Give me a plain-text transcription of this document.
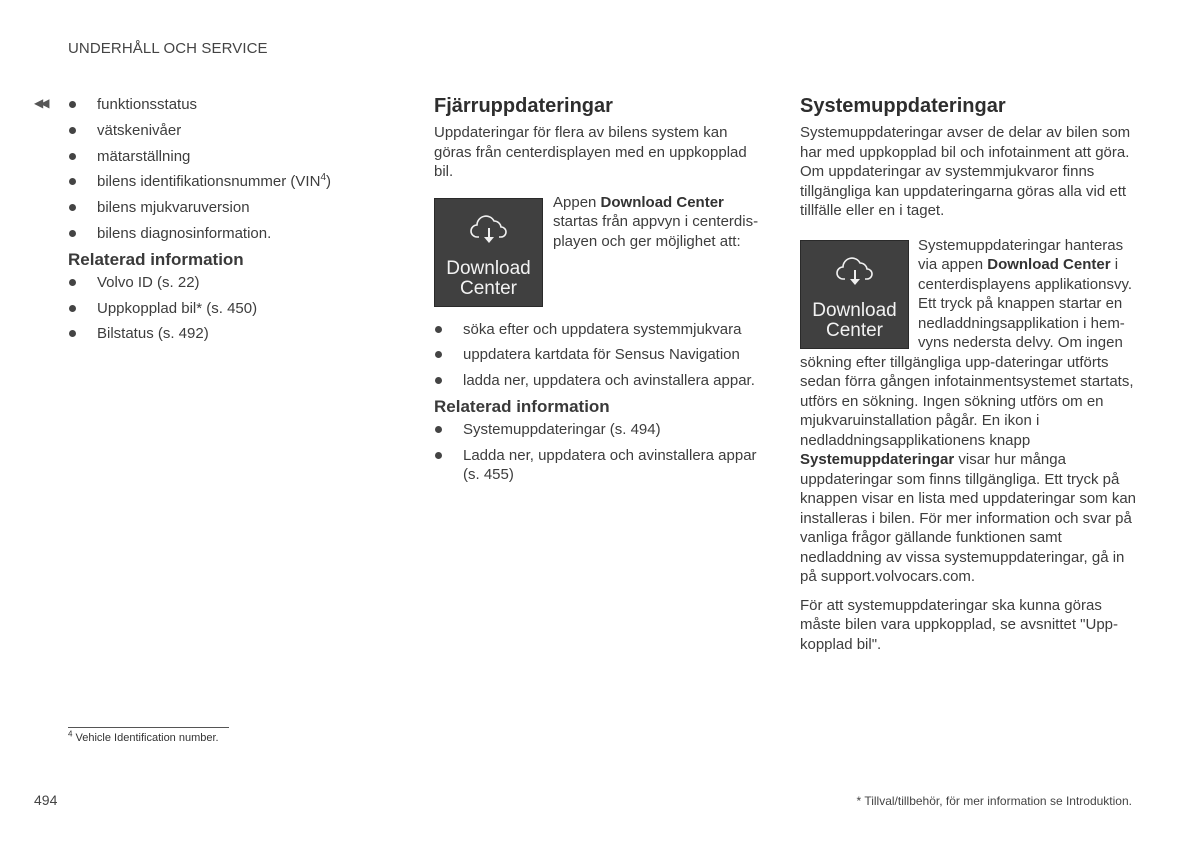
UNDERHÅLL OCH SERVICE
◀◀	funktionsstatus
vätskenivåer
mätarställning
bilens identifikationsnummer (VIN$^4$)
bilens mjukvaruversion
bilens diagnosinformation.
Relaterad information
Volvo ID (s. 22)
Uppkopplad bil* (s. 450)
Bilstatus (s. 492)
Fjärruppdateringar

Uppdateringar för flera av bilens system kan göras från centerdisplayen med en uppkopplad bil.

Download
Center

Appen Download Center startas från appvyn i centerdis-playen och ger möjlighet att:

söka efter och uppdatera systemmjukvara
uppdatera kartdata för Sensus Navigation
ladda ner, uppdatera och avinstallera appar.
Relaterad information
Systemuppdateringar (s. 494)
Ladda ner, uppdatera och avinstallera appar (s. 455)
Systemuppdateringar

Systemuppdateringar avser de delar av bilen som har med uppkopplad bil och infotainment att göra. Om uppdateringar av systemmjukvaror finns tillgängliga kan uppdateringarna göras alla vid ett tillfälle eller en i taget.

Download
Center

Systemuppdateringar hanteras via appen Download Center i centerdisplayens applikationsvy. Ett tryck på knappen startar en nedladdningsapplikation i hem-vyns nedersta delvy. Om ingen sökning efter tillgängliga upp-dateringar utförts sedan förra gången infotainmentsystemet startats, utförs en sökning. Ingen sökning utförs om en mjukvaruinstallation pågår. En ikon i nedladdningsapplikationens knapp Systemuppdateringar visar hur många uppdateringar som finns tillgängliga. Ett tryck på knappen visar en lista med uppdateringar som kan installeras i bilen. För mer information och svar på vanliga frågor gällande funktionen samt nedladdning av vissa systemuppdateringar, gå in på support.volvocars.com.

För att systemuppdateringar ska kunna göras måste bilen vara uppkopplad, se avsnittet "Upp-kopplad bil".

$^4$ Vehicle Identification number.
494	* Tillval/tillbehör, för mer information se Introduktion.
